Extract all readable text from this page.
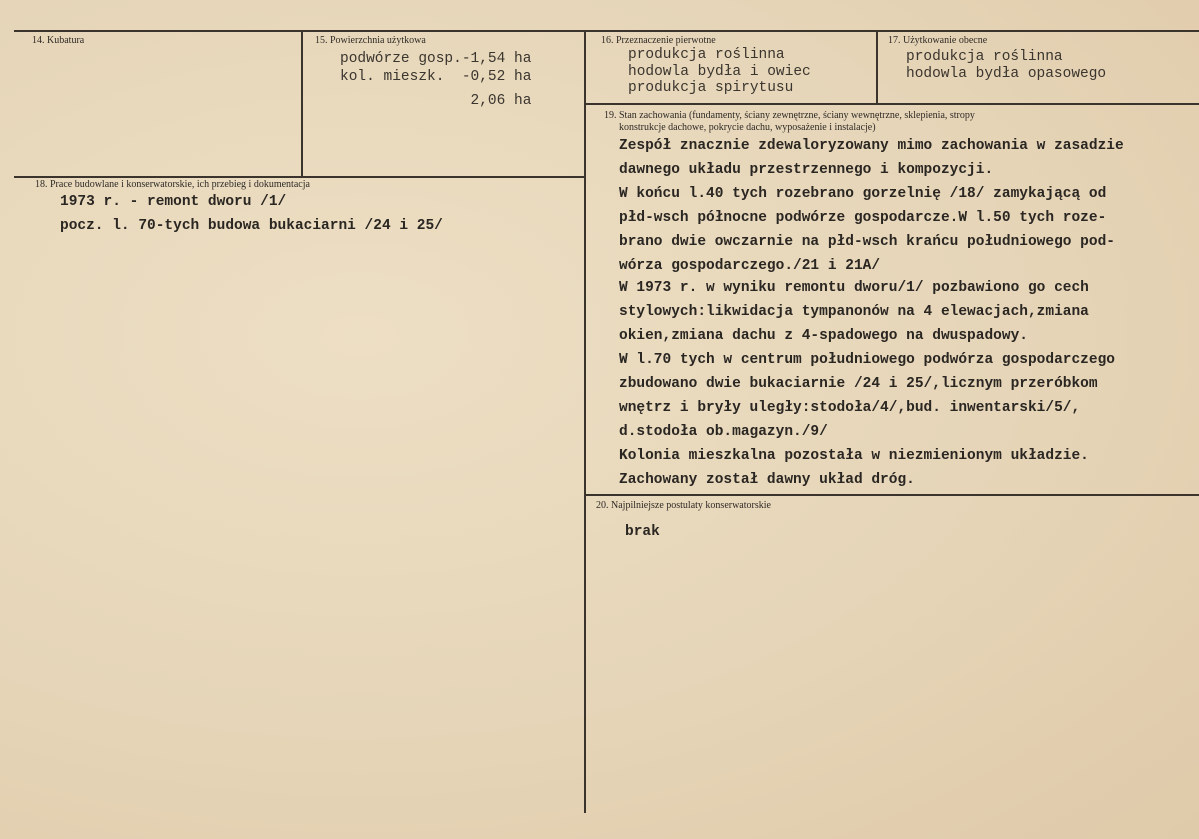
14. Kubatura	15. Powierzchnia użytkowa
podwórze gosp.-1,54 ha
kol. mieszk.  -0,52 ha
2,06 ha
16. Przeznaczenie pierwotne
produkcja roślinna
hodowla bydła i owiec
produkcja spirytusu
17. Użytkowanie obecne
produkcja roślinna
hodowla bydła opasowego
18. Prace budowlane i konserwatorskie, ich przebieg i dokumentacja
1973 r. - remont dworu /1/
pocz. l. 70-tych budowa bukaciarni /24 i 25/
19. Stan zachowania (fundamenty, ściany zewnętrzne, ściany wewnętrzne, sklepienia, stropy
konstrukcje dachowe, pokrycie dachu, wyposażenie i instalacje)
Zespół znacznie zdewaloryzowany mimo zachowania w zasadzie
dawnego układu przestrzennego i kompozycji.
W końcu l.40 tych rozebrano gorzelnię /18/ zamykającą od
płd-wsch północne podwórze gospodarcze.W l.50 tych roze-
brano dwie owczarnie na płd-wsch krańcu południowego pod-
wórza gospodarczego./21 i 21A/
W 1973 r. w wyniku remontu dworu/1/ pozbawiono go cech
stylowych:likwidacja tympanonów na 4 elewacjach,zmiana
okien,zmiana dachu z 4-spadowego na dwuspadowy.
W l.70 tych w centrum południowego podwórza gospodarczego
zbudowano dwie bukaciarnie /24 i 25/,licznym przeróbkom
wnętrz i bryły uległy:stodoła/4/,bud. inwentarski/5/,
d.stodoła ob.magazyn./9/
Kolonia mieszkalna pozostała w niezmienionym układzie.
Zachowany został dawny układ dróg.
20. Najpilniejsze postulaty konserwatorskie
brak
